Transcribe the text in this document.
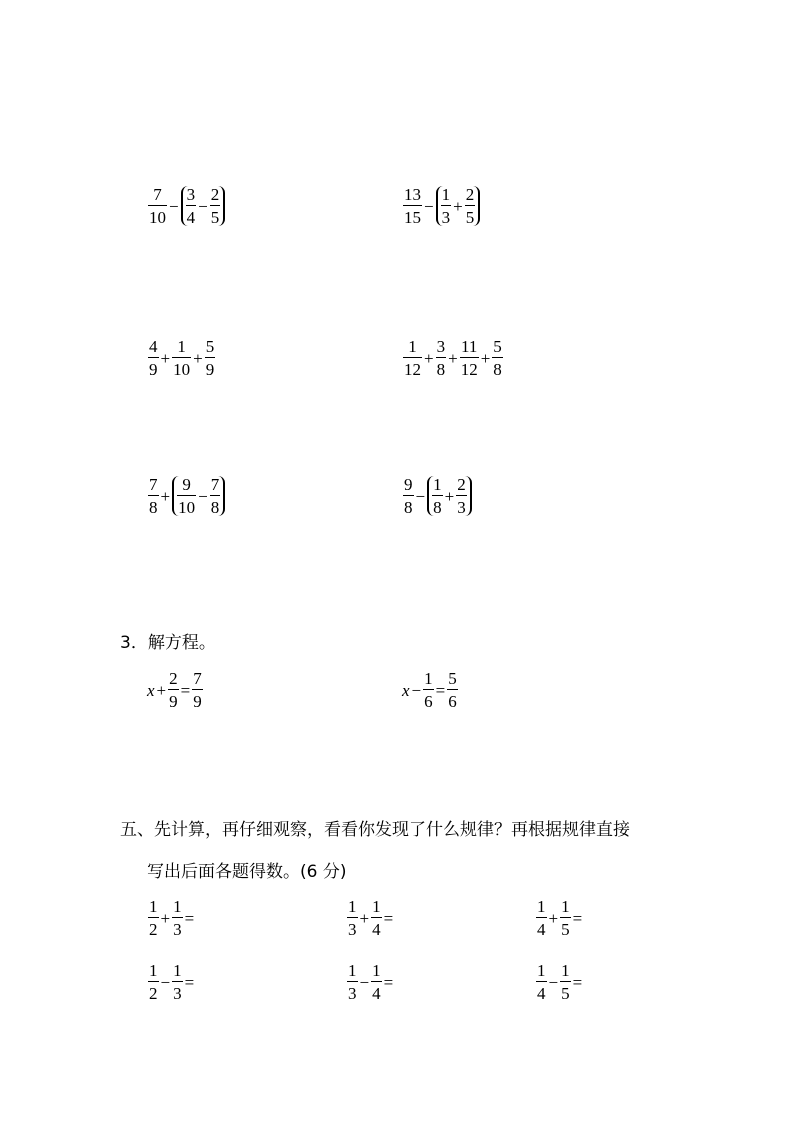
$\frac{7}{10} - \frac{3}{4} - \frac{2}{5}$	$\frac{13}{15} - \frac{1}{3} + \frac{2}{5}$
$\frac{4}{9} + \frac{1}{10} + \frac{5}{9}$	$\frac{1}{12} + \frac{3}{8} + \frac{11}{12} + \frac{5}{8}$
$\frac{7}{8} + \frac{9}{10} - \frac{7}{8}$	$\frac{9}{8} - \frac{1}{8} + \frac{2}{3}$
3．解方程。
$x + \frac{2}{9} = \frac{7}{9}$	$x - \frac{1}{6} = \frac{5}{6}$
五、先计算，再仔细观察，看看你发现了什么规律？再根据规律直接
写出后面各题得数。(6 分)
$\frac{1}{2} + \frac{1}{3}$ =	$\frac{1}{3} + \frac{1}{4}$ =	$\frac{1}{4} + \frac{1}{5}$ =
$\frac{1}{2} - \frac{1}{3}$ =	$\frac{1}{3} - \frac{1}{4}$ =	$\frac{1}{4} - \frac{1}{5}$ =
